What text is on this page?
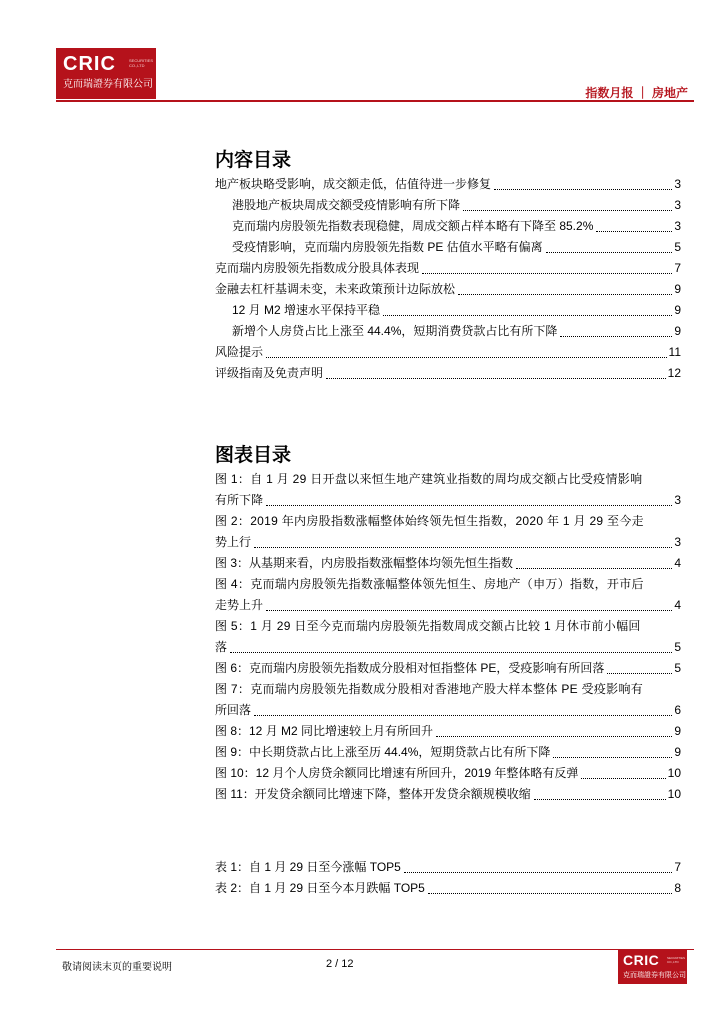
CRIC	SECURITIES CO.,LTD
克而瑞證券有限公司
指数月报 ｜ 房地产
内容目录
地产板块略受影响，成交额走低，估值待进一步修复	3
港股地产板块周成交额受疫情影响有所下降	3
克而瑞内房股领先指数表现稳健，周成交额占样本略有下降至 85.2%	3
受疫情影响，克而瑞内房股领先指数 PE 估值水平略有偏离	5
克而瑞内房股领先指数成分股具体表现	7
金融去杠杆基调未变，未来政策预计边际放松	9
12 月 M2 增速水平保持平稳	9
新增个人房贷占比上涨至 44.4%，短期消费贷款占比有所下降	9
风险提示	11
评级指南及免责声明	12
图表目录
图 1：自 1 月 29 日开盘以来恒生地产建筑业指数的周均成交额占比受疫情影响
有所下降	3
图 2：2019 年内房股指数涨幅整体始终领先恒生指数，2020 年 1 月 29 至今走
势上行	3
图 3：从基期来看，内房股指数涨幅整体均领先恒生指数	4
图 4：克而瑞内房股领先指数涨幅整体领先恒生、房地产（申万）指数，开市后
走势上升	4
图 5：1 月 29 日至今克而瑞内房股领先指数周成交额占比较 1 月休市前小幅回
落	5
图 6：克而瑞内房股领先指数成分股相对恒指整体 PE，受疫影响有所回落	5
图 7：克而瑞内房股领先指数成分股相对香港地产股大样本整体 PE 受疫影响有
所回落	6
图 8：12 月 M2 同比增速较上月有所回升	9
图 9：中长期贷款占比上涨至历 44.4%，短期贷款占比有所下降	9
图 10：12 月个人房贷余额同比增速有所回升，2019 年整体略有反弹	10
图 11：开发贷余额同比增速下降，整体开发贷余额规模收缩	10
表 1：自 1 月 29 日至今涨幅 TOP5	7
表 2：自 1 月 29 日至今本月跌幅 TOP5	8
敬请阅读末页的重要说明	2 / 12	CRIC	SECURITIES CO.,LTD
克而瑞證券有限公司
